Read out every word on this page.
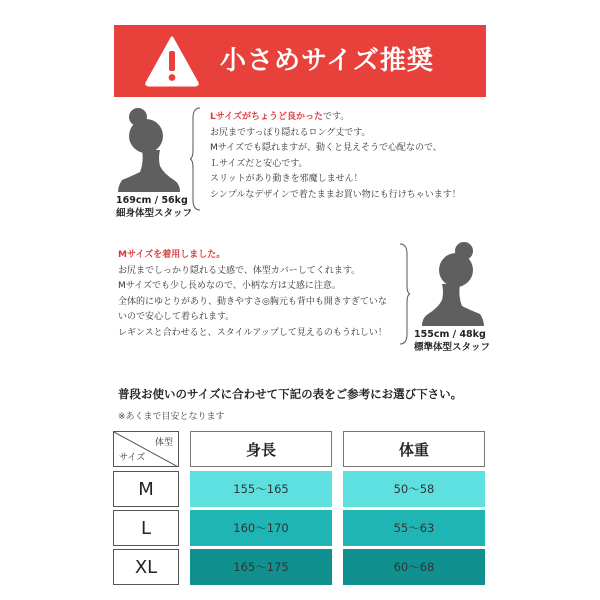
小さめサイズ推奨
169cm / 56kg
細身体型スタッフ
Lサイズがちょうど良かったです。
お尻まですっぽり隠れるロング丈です。
Mサイズでも隠れますが、動くと見えそうで心配なので、
Ｌサイズだと安心です。
スリットがあり動きを邪魔しません！
シンプルなデザインで着たままお買い物にも行けちゃいます！
Mサイズを着用しました。
お尻までしっかり隠れる丈感で、体型カバーしてくれます。
Mサイズでも少し長めなので、小柄な方は丈感に注意。
全体的にゆとりがあり、動きやすさ◎胸元も背中も開きすぎていな
いので安心して着られます。
レギンスと合わせると、スタイルアップして見えるのもうれしい！	155cm / 48kg
標準体型スタッフ
普段お使いのサイズに合わせて下記の表をご参考にお選び下さい。
※あくまで目安となります
体型
サイズ	身長	体重
M	155〜165	50〜58
L	160〜170	55〜63
XL	165〜175	60〜68
